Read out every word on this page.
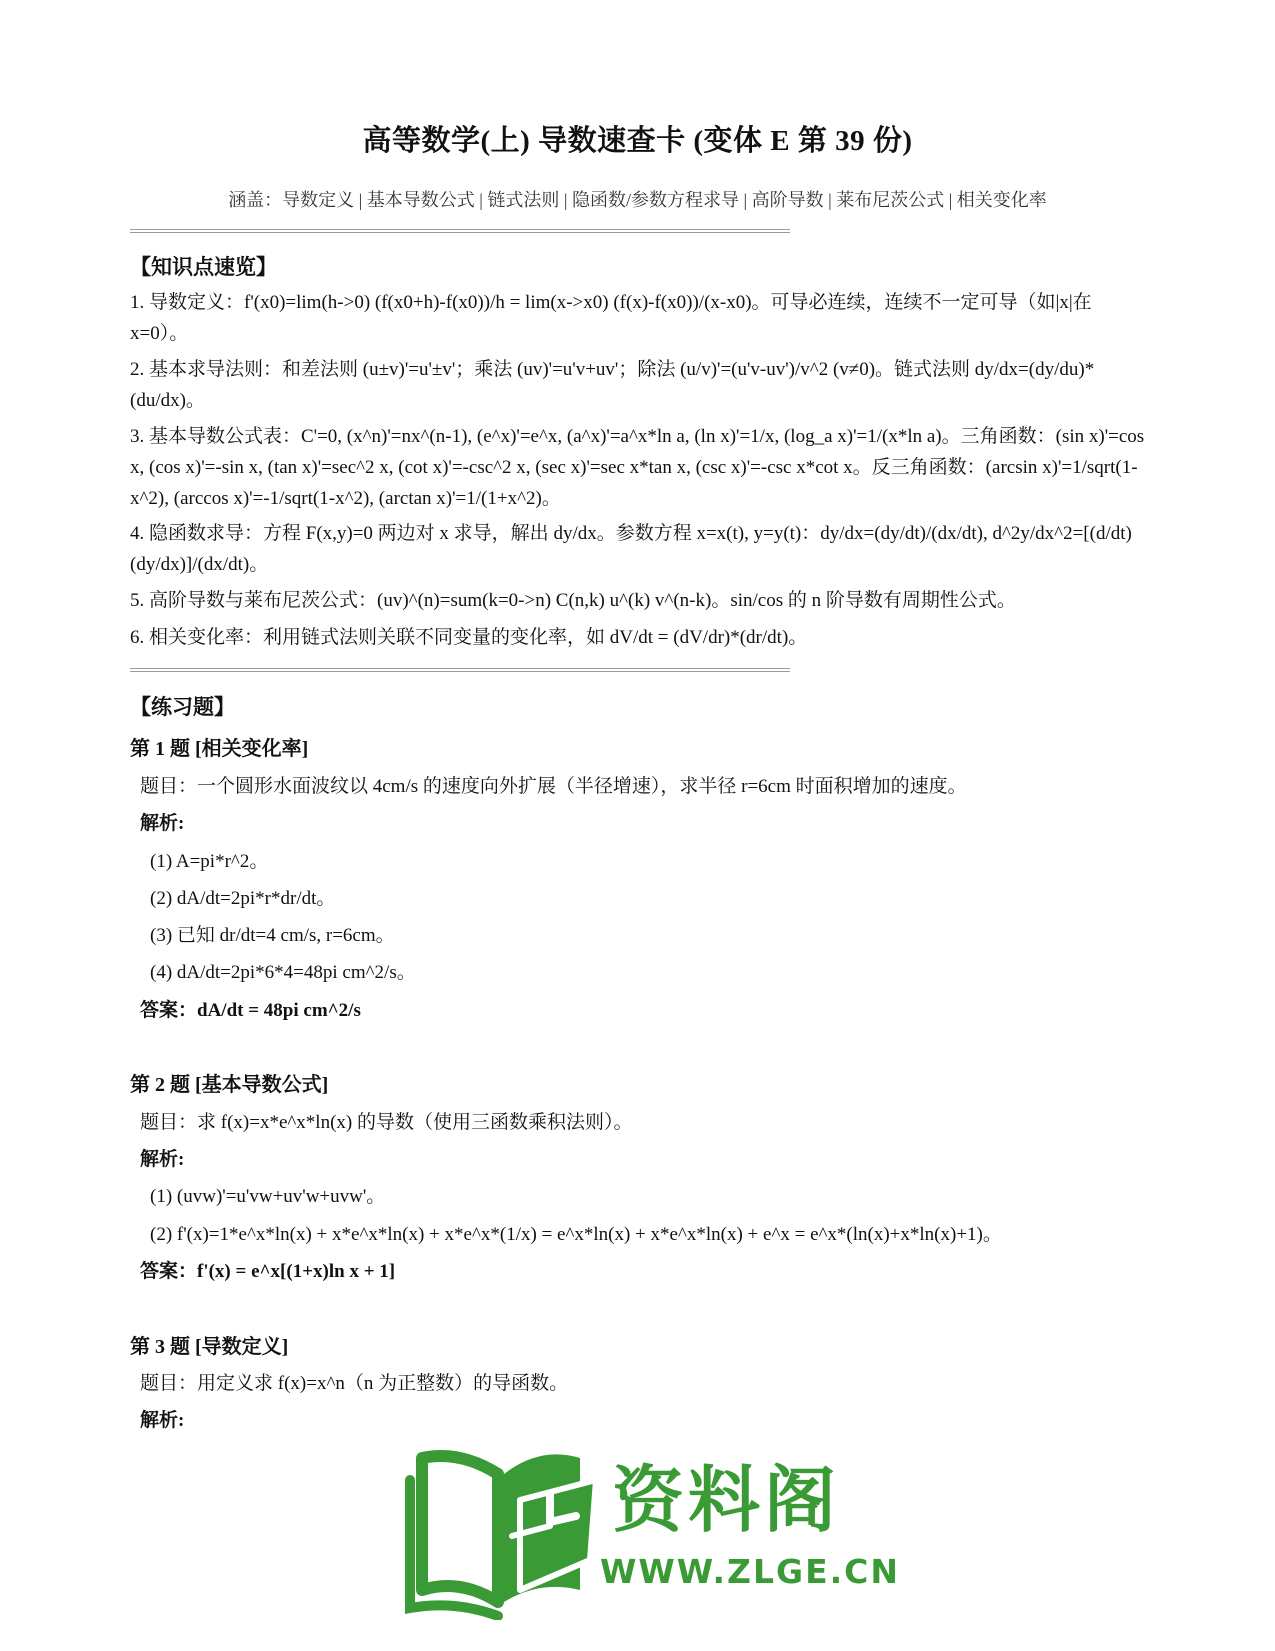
高等数学(上) 导数速查卡 (变体 E 第 39 份)
涵盖：导数定义 | 基本导数公式 | 链式法则 | 隐函数/参数方程求导 | 高阶导数 | 莱布尼茨公式 | 相关变化率
【知识点速览】
1. 导数定义：f'(x0)=lim(h->0) (f(x0+h)-f(x0))/h = lim(x->x0) (f(x)-f(x0))/(x-x0)。可导必连续，连续不一定可导（如|x|在 x=0）。
2. 基本求导法则：和差法则 (u±v)'=u'±v'；乘法 (uv)'=u'v+uv'；除法 (u/v)'=(u'v-uv')/v^2 (v≠0)。链式法则 dy/dx=(dy/du)*(du/dx)。
3. 基本导数公式表：C'=0, (x^n)'=nx^(n-1), (e^x)'=e^x, (a^x)'=a^x*ln a, (ln x)'=1/x, (log_a x)'=1/(x*ln a)。三角函数：(sin x)'=cos x, (cos x)'=-sin x, (tan x)'=sec^2 x, (cot x)'=-csc^2 x, (sec x)'=sec x*tan x, (csc x)'=-csc x*cot x。反三角函数：(arcsin x)'=1/sqrt(1-x^2), (arccos x)'=-1/sqrt(1-x^2), (arctan x)'=1/(1+x^2)。
4. 隐函数求导：方程 F(x,y)=0 两边对 x 求导，解出 dy/dx。参数方程 x=x(t), y=y(t)：dy/dx=(dy/dt)/(dx/dt), d^2y/dx^2=[(d/dt)(dy/dx)]/(dx/dt)。
5. 高阶导数与莱布尼茨公式：(uv)^(n)=sum(k=0->n) C(n,k) u^(k) v^(n-k)。sin/cos 的 n 阶导数有周期性公式。
6. 相关变化率：利用链式法则关联不同变量的变化率，如 dV/dt = (dV/dr)*(dr/dt)。
【练习题】
第 1 题 [相关变化率]
题目：一个圆形水面波纹以 4cm/s 的速度向外扩展（半径增速），求半径 r=6cm 时面积增加的速度。
解析:
(1) A=pi*r^2。
(2) dA/dt=2pi*r*dr/dt。
(3) 已知 dr/dt=4 cm/s, r=6cm。
(4) dA/dt=2pi*6*4=48pi cm^2/s。
答案：dA/dt = 48pi cm^2/s
第 2 题 [基本导数公式]
题目：求 f(x)=x*e^x*ln(x) 的导数（使用三函数乘积法则）。
解析:
(1) (uvw)'=u'vw+uv'w+uvw'。
(2) f'(x)=1*e^x*ln(x) + x*e^x*ln(x) + x*e^x*(1/x) = e^x*ln(x) + x*e^x*ln(x) + e^x = e^x*(ln(x)+x*ln(x)+1)。
答案：f'(x) = e^x[(1+x)ln x + 1]
第 3 题 [导数定义]
题目：用定义求 f(x)=x^n（n 为正整数）的导函数。
解析:
资料阁
WWW.ZLGE.CN
